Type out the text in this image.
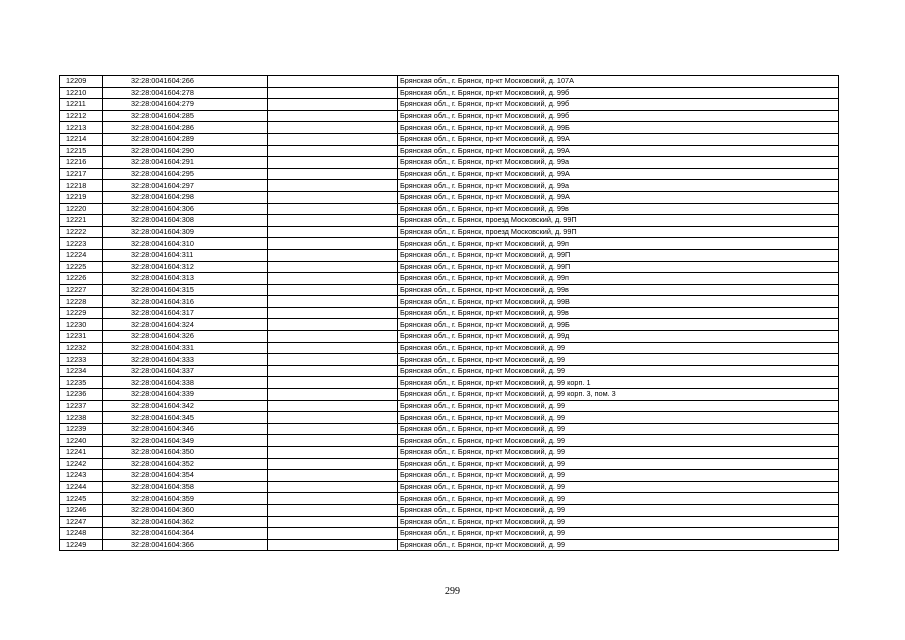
12209	32:28:0041604:266		Брянская обл., г. Брянск, пр-кт Московский, д. 107А
12210	32:28:0041604:278		Брянская обл., г. Брянск, пр-кт Московский, д. 99б
12211	32:28:0041604:279		Брянская обл., г. Брянск, пр-кт Московский, д. 99б
12212	32:28:0041604:285		Брянская обл., г. Брянск, пр-кт Московский, д. 99б
12213	32:28:0041604:286		Брянская обл., г. Брянск, пр-кт Московский, д. 99Б
12214	32:28:0041604:289		Брянская обл., г. Брянск, пр-кт Московский, д. 99А
12215	32:28:0041604:290		Брянская обл., г. Брянск, пр-кт Московский, д. 99А
12216	32:28:0041604:291		Брянская обл., г. Брянск, пр-кт Московский, д. 99а
12217	32:28:0041604:295		Брянская обл., г. Брянск, пр-кт Московский, д. 99А
12218	32:28:0041604:297		Брянская обл., г. Брянск, пр-кт Московский, д. 99а
12219	32:28:0041604:298		Брянская обл., г. Брянск, пр-кт Московский, д. 99А
12220	32:28:0041604:306		Брянская обл., г. Брянск, пр-кт Московский, д. 99в
12221	32:28:0041604:308		Брянская обл., г. Брянск, проезд Московский, д. 99П
12222	32:28:0041604:309		Брянская обл., г. Брянск, проезд Московский, д. 99П
12223	32:28:0041604:310		Брянская обл., г. Брянск, пр-кт Московский, д. 99п
12224	32:28:0041604:311		Брянская обл., г. Брянск, пр-кт Московский, д. 99П
12225	32:28:0041604:312		Брянская обл., г. Брянск, пр-кт Московский, д. 99П
12226	32:28:0041604:313		Брянская обл., г. Брянск, пр-кт Московский, д. 99п
12227	32:28:0041604:315		Брянская обл., г. Брянск, пр-кт Московский, д. 99в
12228	32:28:0041604:316		Брянская обл., г. Брянск, пр-кт Московский, д. 99В
12229	32:28:0041604:317		Брянская обл., г. Брянск, пр-кт Московский, д. 99в
12230	32:28:0041604:324		Брянская обл., г. Брянск, пр-кт Московский, д. 99Б
12231	32:28:0041604:326		Брянская обл., г. Брянск, пр-кт Московский, д. 99д
12232	32:28:0041604:331		Брянская обл., г. Брянск, пр-кт Московский, д. 99
12233	32:28:0041604:333		Брянская обл., г. Брянск, пр-кт Московский, д. 99
12234	32:28:0041604:337		Брянская обл., г. Брянск, пр-кт Московский, д. 99
12235	32:28:0041604:338		Брянская обл., г. Брянск, пр-кт Московский, д. 99 корп. 1
12236	32:28:0041604:339		Брянская обл., г. Брянск, пр-кт Московский, д. 99 корп. 3, пом. 3
12237	32:28:0041604:342		Брянская обл., г. Брянск, пр-кт Московский, д. 99
12238	32:28:0041604:345		Брянская обл., г. Брянск, пр-кт Московский, д. 99
12239	32:28:0041604:346		Брянская обл., г. Брянск, пр-кт Московский, д. 99
12240	32:28:0041604:349		Брянская обл., г. Брянск, пр-кт Московский, д. 99
12241	32:28:0041604:350		Брянская обл., г. Брянск, пр-кт Московский, д. 99
12242	32:28:0041604:352		Брянская обл., г. Брянск, пр-кт Московский, д. 99
12243	32:28:0041604:354		Брянская обл., г. Брянск, пр-кт Московский, д. 99
12244	32:28:0041604:358		Брянская обл., г. Брянск, пр-кт Московский, д. 99
12245	32:28:0041604:359		Брянская обл., г. Брянск, пр-кт Московский, д. 99
12246	32:28:0041604:360		Брянская обл., г. Брянск, пр-кт Московский, д. 99
12247	32:28:0041604:362		Брянская обл., г. Брянск, пр-кт Московский, д. 99
12248	32:28:0041604:364		Брянская обл., г. Брянск, пр-кт Московский, д. 99
12249	32:28:0041604:366		Брянская обл., г. Брянск, пр-кт Московский, д. 99
299
